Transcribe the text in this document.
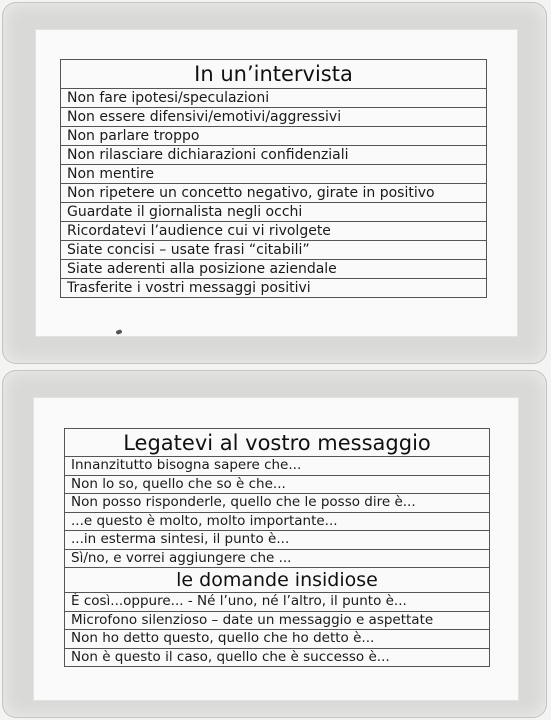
In un’intervista
Non fare ipotesi/speculazioni
Non essere difensivi/emotivi/aggressivi
Non parlare troppo
Non rilasciare dichiarazioni confidenziali
Non mentire
Non ripetere un concetto negativo, girate in positivo
Guardate il giornalista negli occhi
Ricordatevi l’audience cui vi rivolgete
Siate concisi – usate frasi “citabili”
Siate aderenti alla posizione aziendale
Trasferite i vostri messaggi positivi
Legatevi al vostro messaggio
Innanzitutto bisogna sapere che...
Non lo so, quello che so è che...
Non posso risponderle, quello che le posso dire è...
...e questo è molto, molto importante...
...in esterma sintesi, il punto è...
Sì/no, e vorrei aggiungere che ...
le domande insidiose
È così...oppure... - Né l’uno, né l’altro, il punto è...
Microfono silenzioso – date un messaggio e aspettate
Non ho detto questo, quello che ho detto è...
Non è questo il caso, quello che è successo è...
